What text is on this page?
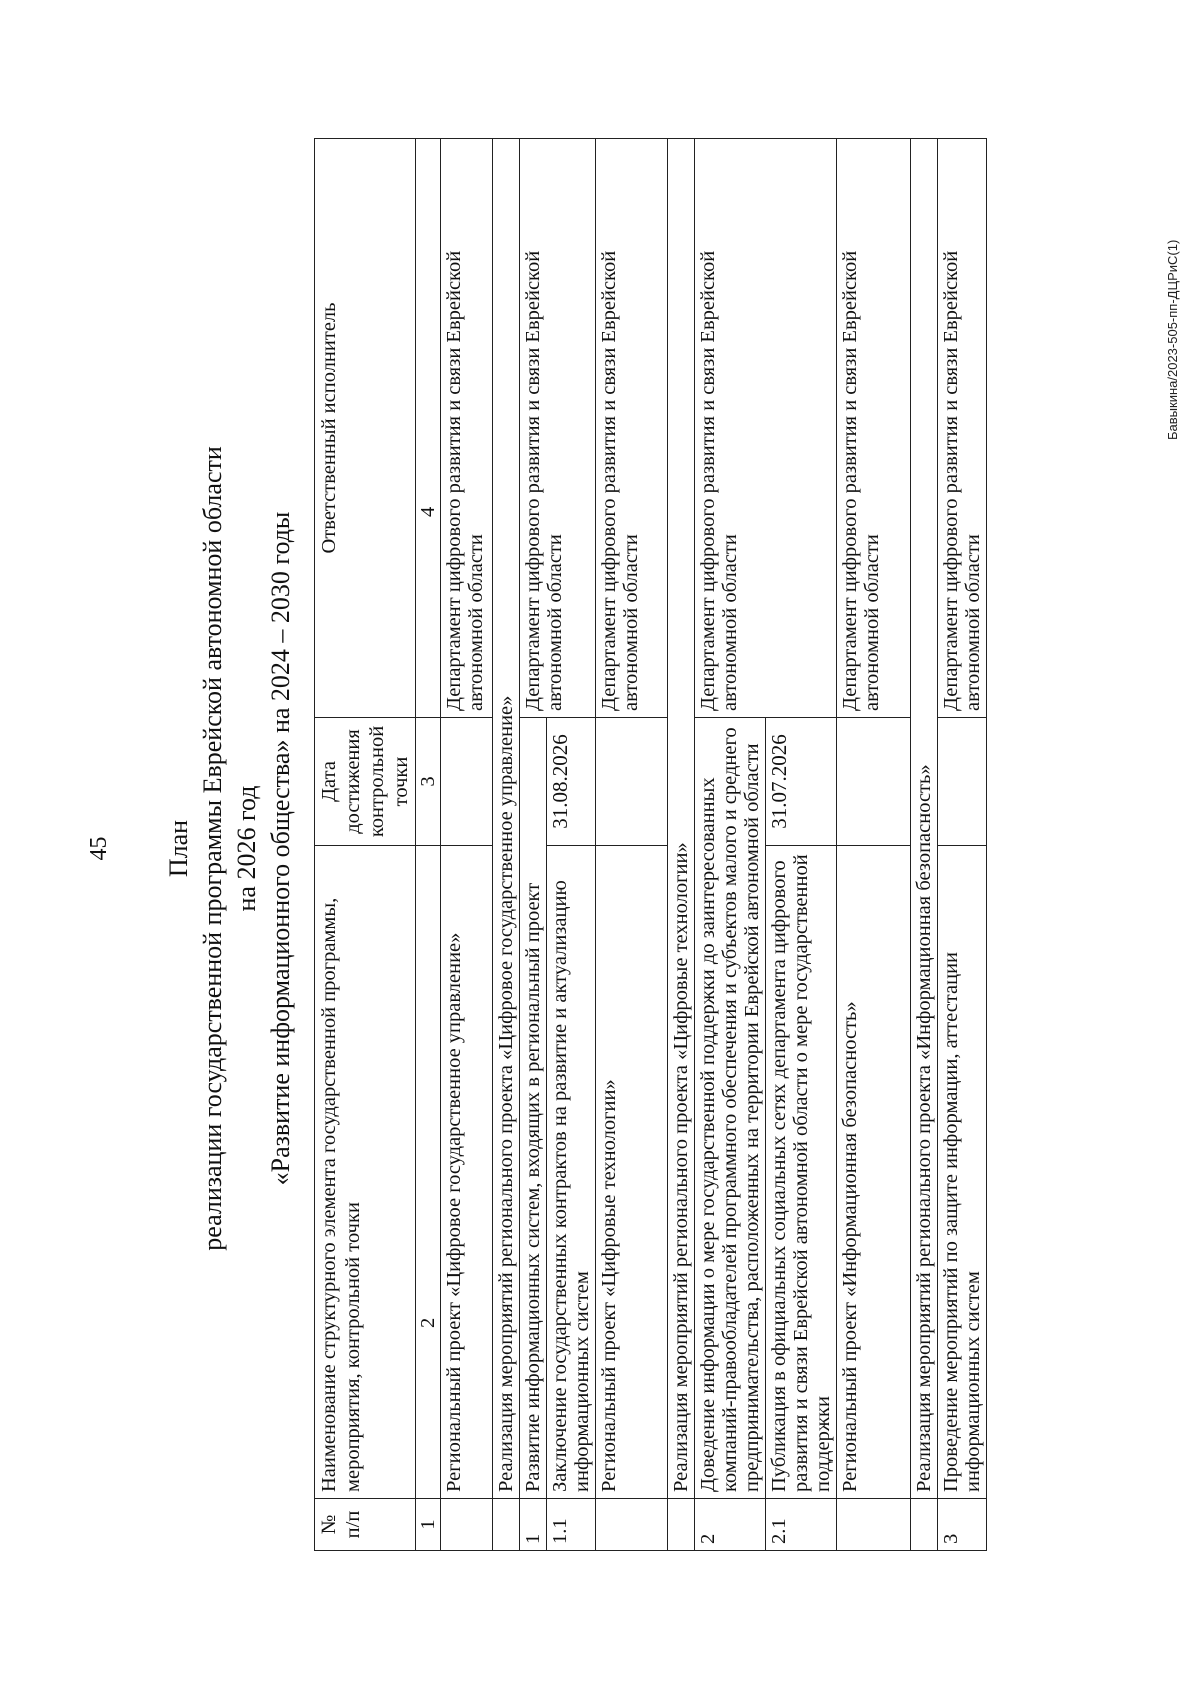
45 План реализации государственной программы Еврейской автономной области на 2026 год «Развитие информационного общества» на 2024 – 2030 годы
№ п/п	Наименование структурного элемента государственной программы, мероприятия, контрольной точки	Дата достижения контрольной точки	Ответственный исполнитель
1	2	3	4
	Региональный проект «Цифровое государственное управление»		Департамент цифрового развития и связи Еврейской автономной области
	Реализация мероприятий регионального проекта «Цифровое государственное управление»		
1	Развитие информационных систем, входящих в региональный проект		Департамент цифрового развития и связи Еврейской автономной области
1.1	Заключение государственных контрактов на развитие и актуализацию информационных систем	31.08.2026	
	Региональный проект «Цифровые технологии»		Департамент цифрового развития и связи Еврейской автономной области
	Реализация мероприятий регионального проекта «Цифровые технологии»		
2	Доведение информации о мере государственной поддержки до заинтересованных компаний-правообладателей программного обеспечения и субъектов малого и среднего предпринимательства, расположенных на территории Еврейской автономной области		Департамент цифрового развития и связи Еврейской автономной области
2.1	Публикация в официальных социальных сетях департамента цифрового развития и связи Еврейской автономной области о мере государственной поддержки	31.07.2026	
	Региональный проект «Информационная безопасность»		Департамент цифрового развития и связи Еврейской автономной области
	Реализация мероприятий регионального проекта «Информационная безопасность»		
3	Проведение мероприятий по защите информации, аттестации информационных систем		Департамент цифрового развития и связи Еврейской автономной области
Бавыкина/2023-505-пп-ДЦРиС(1)
